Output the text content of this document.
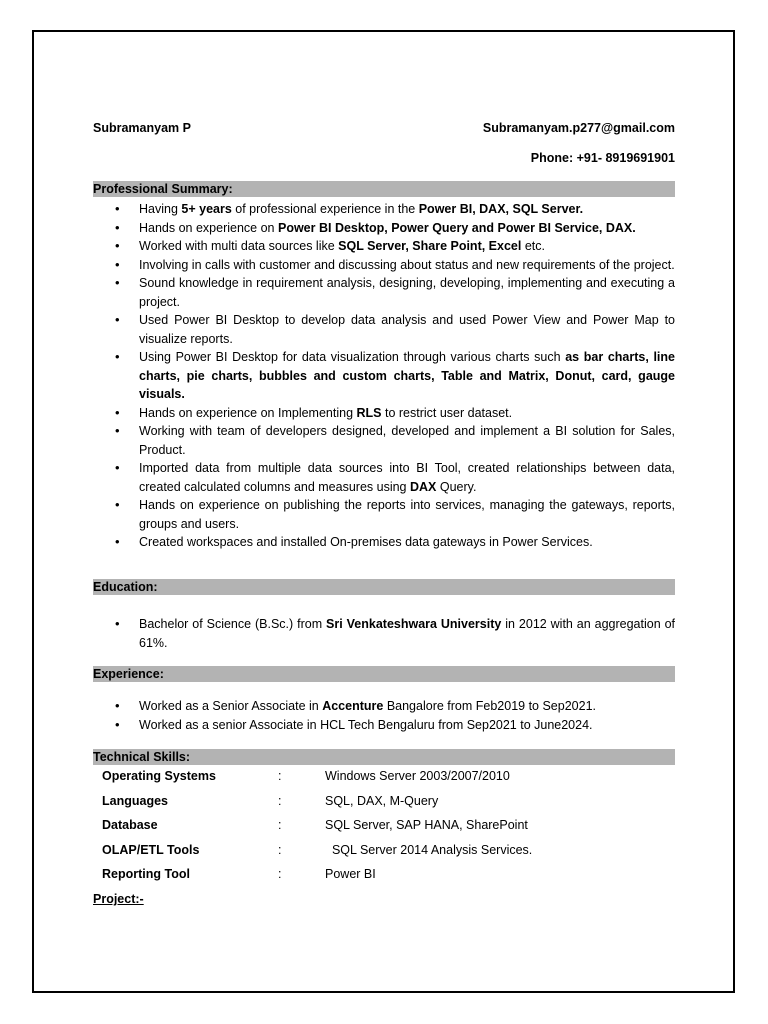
Subramanyam P	Subramanyam.p277@gmail.com
Phone: +91- 8919691901
Professional Summary:
• Having 5+ years of professional experience in the Power BI, DAX, SQL Server.
• Hands on experience on Power BI Desktop, Power Query and Power BI Service, DAX.
• Worked with multi data sources like SQL Server, Share Point, Excel etc.
• Involving in calls with customer and discussing about status and new requirements of the project.
• Sound knowledge in requirement analysis, designing, developing, implementing and executing a project.
• Used Power BI Desktop to develop data analysis and used Power View and Power Map to visualize reports.
• Using Power BI Desktop for data visualization through various charts such as bar charts, line charts, pie charts, bubbles and custom charts, Table and Matrix, Donut, card, gauge visuals.
• Hands on experience on Implementing RLS to restrict user dataset.
• Working with team of developers designed, developed and implement a BI solution for Sales, Product.
• Imported data from multiple data sources into BI Tool, created relationships between data, created calculated columns and measures using DAX Query.
• Hands on experience on publishing the reports into services, managing the gateways, reports, groups and users.
• Created workspaces and installed On-premises data gateways in Power Services.
Education:
• Bachelor of Science (B.Sc.) from Sri Venkateshwara University in 2012 with an aggregation of 61%.
Experience:
• Worked as a Senior Associate in Accenture Bangalore from Feb2019 to Sep2021.
• Worked as a senior Associate in HCL Tech Bengaluru from Sep2021 to June2024.
Technical Skills:
Operating Systems	:	Windows Server 2003/2007/2010
Languages	:	SQL, DAX, M-Query
Database	:	SQL Server, SAP HANA, SharePoint
OLAP/ETL Tools	:	SQL Server 2014 Analysis Services.
Reporting Tool	:	Power BI
Project:-
